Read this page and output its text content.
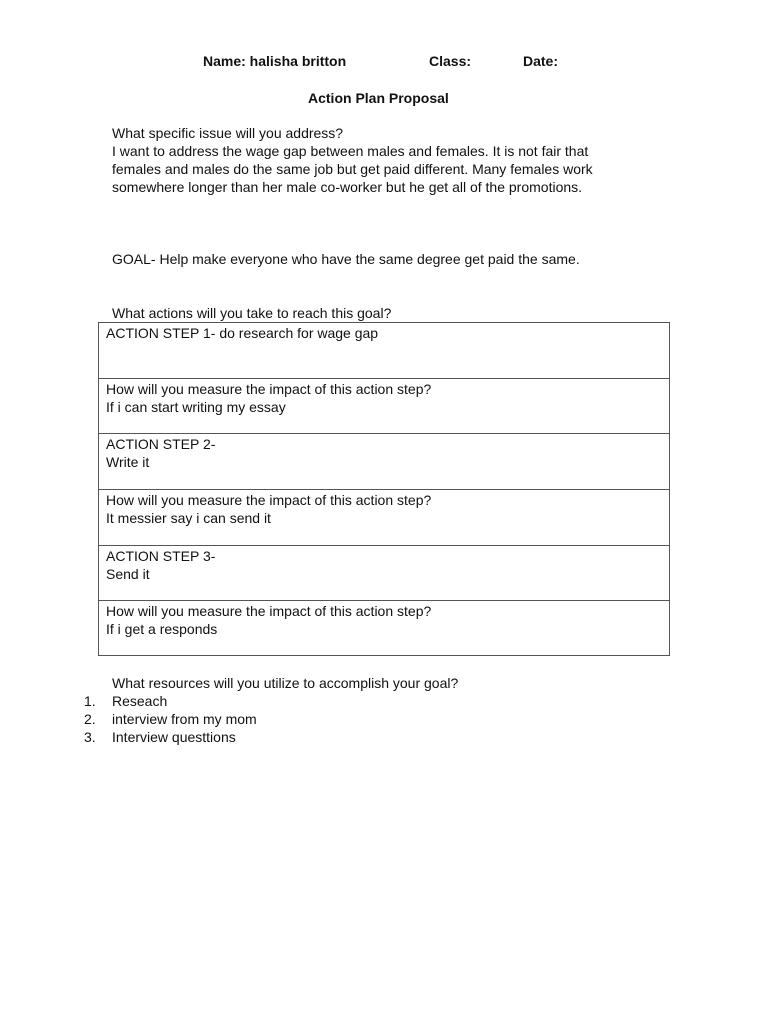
Name: halisha britton	Class:	Date:
Action Plan Proposal
What specific issue will you address?
I want to address the wage gap between males and females. It is not fair that
females and males do the same job but get paid different. Many females work
somewhere longer than her male co-worker but he get all of the promotions.
GOAL- Help make everyone who have the same degree get paid the same.
What actions will you take to reach this goal?
ACTION STEP 1- do research for wage gap
How will you measure the impact of this action step?
If i can start writing my essay
ACTION STEP 2-
Write it
How will you measure the impact of this action step?
It messier say i can send it
ACTION STEP 3-
Send it
How will you measure the impact of this action step?
If i get a responds
What resources will you utilize to accomplish your goal?
1. Reseach
2. interview from my mom
3. Interview questtions
